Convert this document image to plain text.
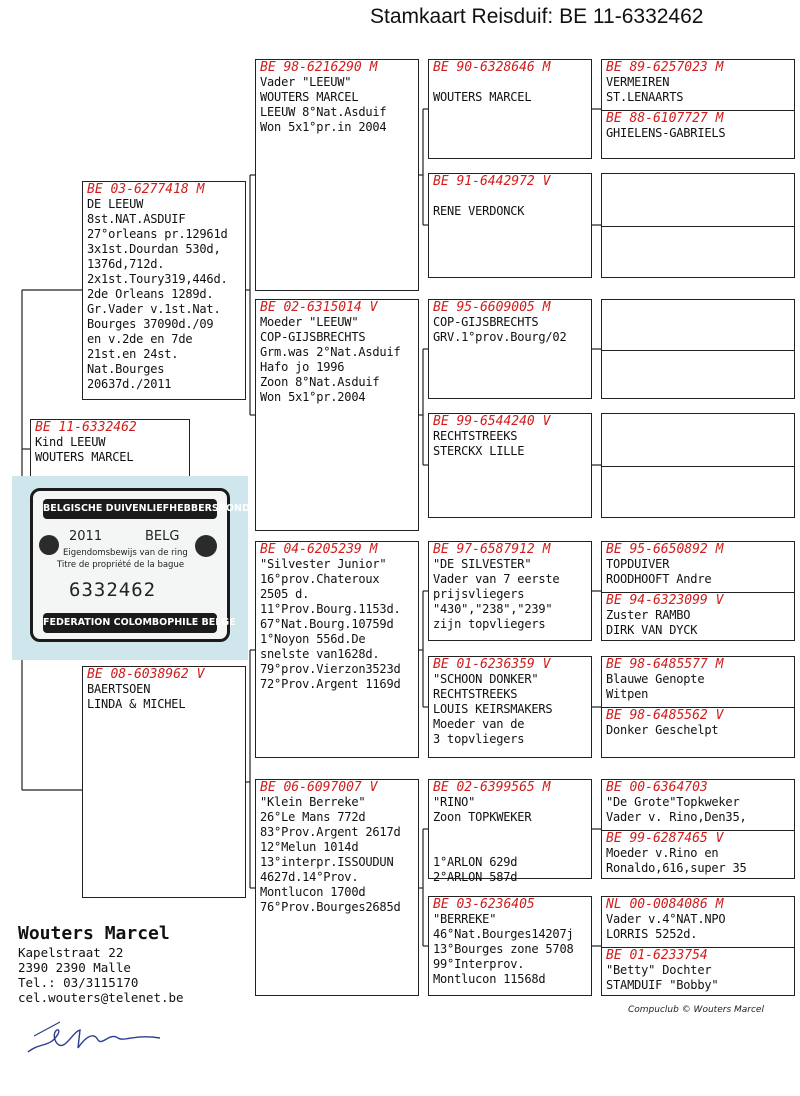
Stamkaart Reisduif: BE 11-6332462
BE 11-6332462
Kind LEEUW
WOUTERS MARCEL
BE 03-6277418 M
DE LEEUW
8st.NAT.ASDUIF
27°orleans pr.12961d
3x1st.Dourdan 530d,
1376d,712d.
2x1st.Toury319,446d.
2de Orleans 1289d.
Gr.Vader v.1st.Nat.
Bourges 37090d./09
en v.2de en 7de
21st.en 24st.
Nat.Bourges
20637d./2011
BE 08-6038962 V
BAERTSOEN
LINDA & MICHEL
BE 98-6216290 M
Vader "LEEUW"
WOUTERS MARCEL
LEEUW 8°Nat.Asduif
Won 5x1°pr.in 2004
BE 02-6315014 V
Moeder "LEEUW"
COP-GIJSBRECHTS
Grm.was 2°Nat.Asduif
Hafo jo 1996
Zoon 8°Nat.Asduif
Won 5x1°pr.2004
BE 04-6205239 M
"Silvester Junior"
16°prov.Chateroux
2505 d.
11°Prov.Bourg.1153d.
67°Nat.Bourg.10759d
1°Noyon 556d.De
snelste van1628d.
79°prov.Vierzon3523d
72°Prov.Argent 1169d
BE 06-6097007 V
"Klein Berreke"
26°Le Mans 772d
83°Prov.Argent 2617d
12°Melun 1014d
13°interpr.ISSOUDUN
4627d.14°Prov.
Montlucon 1700d
76°Prov.Bourges2685d
BE 90-6328646 M

WOUTERS MARCEL
BE 91-6442972 V

RENE VERDONCK
BE 95-6609005 M
COP-GIJSBRECHTS
GRV.1°prov.Bourg/02
BE 99-6544240 V
RECHTSTREEKS
STERCKX LILLE
BE 97-6587912 M
"DE SILVESTER"
Vader van 7 eerste
prijsvliegers
"430","238","239"
zijn topvliegers
BE 01-6236359 V
"SCHOON DONKER"
RECHTSTREEKS
LOUIS KEIRSMAKERS
Moeder van de
3 topvliegers
BE 02-6399565 M
"RINO"
Zoon TOPKWEKER

1°ARLON 629d
2°ARLON 587d
BE 03-6236405
"BERREKE"
46°Nat.Bourges14207j
13°Bourges zone 5708
99°Interprov.
Montlucon 11568d
BE 89-6257023 M
VERMEIREN
ST.LENAARTS
BE 88-6107727 M
GHIELENS-GABRIELS
BE 95-6650892 M
TOPDUIVER
ROODHOOFT Andre
BE 94-6323099 V
Zuster RAMBO
DIRK VAN DYCK
BE 98-6485577 M
Blauwe Genopte
Witpen
BE 98-6485562 V
Donker Geschelpt
BE 00-6364703
"De Grote"Topkweker
Vader v. Rino,Den35,
BE 99-6287465 V
Moeder v.Rino en
Ronaldo,616,super 35
NL 00-0084086 M
Vader v.4°NAT.NPO
LORRIS 5252d.
BE 01-6233754
"Betty" Dochter
STAMDUIF "Bobby"
BELGISCHE DUIVENLIEFHEBBERSBOND
2011	BELG
Eigendomsbewijs van de ring
Titre de propriété de la bague
6332462
FEDERATION COLOMBOPHILE BELGE
Wouters Marcel
Kapelstraat 22
2390 2390 Malle
Tel.: 03/3115170
cel.wouters@telenet.be
Compuclub © Wouters Marcel
